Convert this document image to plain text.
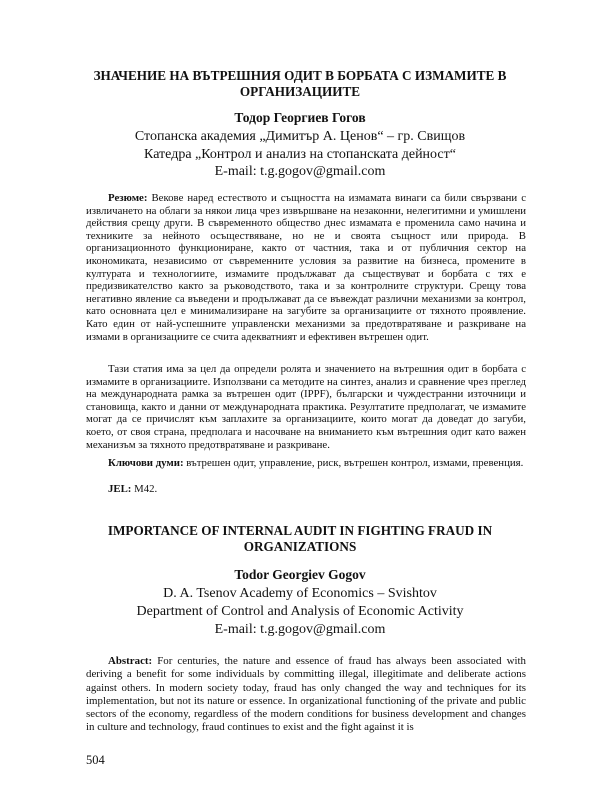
ЗНАЧЕНИЕ НА ВЪТРЕШНИЯ ОДИТ В БОРБАТА С ИЗМАМИТЕ В ОРГАНИЗАЦИИТЕ
Тодор Георгиев Гогов
Стопанска академия „Димитър А. Ценов“ – гр. Свищов
Катедра „Контрол и анализ на стопанската дейност“
E-mail: t.g.gogov@gmail.com

Резюме: Векове наред естеството и същността на измамата винаги са били свързвани с извличането на облаги за някои лица чрез извършване на незаконни, нелегитимни и умишлени действия срещу други. В съвременното общество днес измамата е променила само начина и техниките за нейното осъществяване, но не и своята същност или природа. В организационното функциониране, както от частния, така и от публичния сектор на икономиката, независимо от съвременните условия за развитие на бизнеса, промените в културата и технологиите, измамите продължават да съществуват и борбата с тях е предизвикателство както за ръководството, така и за контролните структури. Срещу това негативно явление са въведени и продължават да се въвеждат различни механизми за контрол, като основната цел е минимализиране на загубите за организациите от тяхното проявление. Като един от най-успешните управленски механизми за предотвратяване и разкриване на измами в организациите се счита адекватният и ефективен вътрешен одит.

Тази статия има за цел да определи ролята и значението на вътрешния одит в борбата с измамите в организациите. Използвани са методите на синтез, анализ и сравнение чрез преглед на международната рамка за вътрешен одит (IPPF), български и чуждестранни източници и становища, както и данни от международната практика. Резултатите предполагат, че измамите могат да се причислят към заплахите за организациите, които могат да доведат до загуби, което, от своя страна, предполага и насочване на вниманието към вътрешния одит като важен механизъм за тяхното предотвратяване и разкриване.

Ключови думи: вътрешен одит, управление, риск, вътрешен контрол, измами, превенция.

JEL: M42.

IMPORTANCE OF INTERNAL AUDIT IN FIGHTING FRAUD IN ORGANIZATIONS
Todor Georgiev Gogov
D. A. Tsenov Academy of Economics – Svishtov
Department of Control and Analysis of Economic Activity
E-mail: t.g.gogov@gmail.com

Abstract: For centuries, the nature and essence of fraud has always been associated with deriving a benefit for some individuals by committing illegal, illegitimate and deliberate actions against others. In modern society today, fraud has only changed the way and techniques for its implementation, but not its nature or essence. In organizational functioning of the private and public sectors of the economy, regardless of the modern conditions for business development and changes in culture and technology, fraud continues to exist and the fight against it is

504
